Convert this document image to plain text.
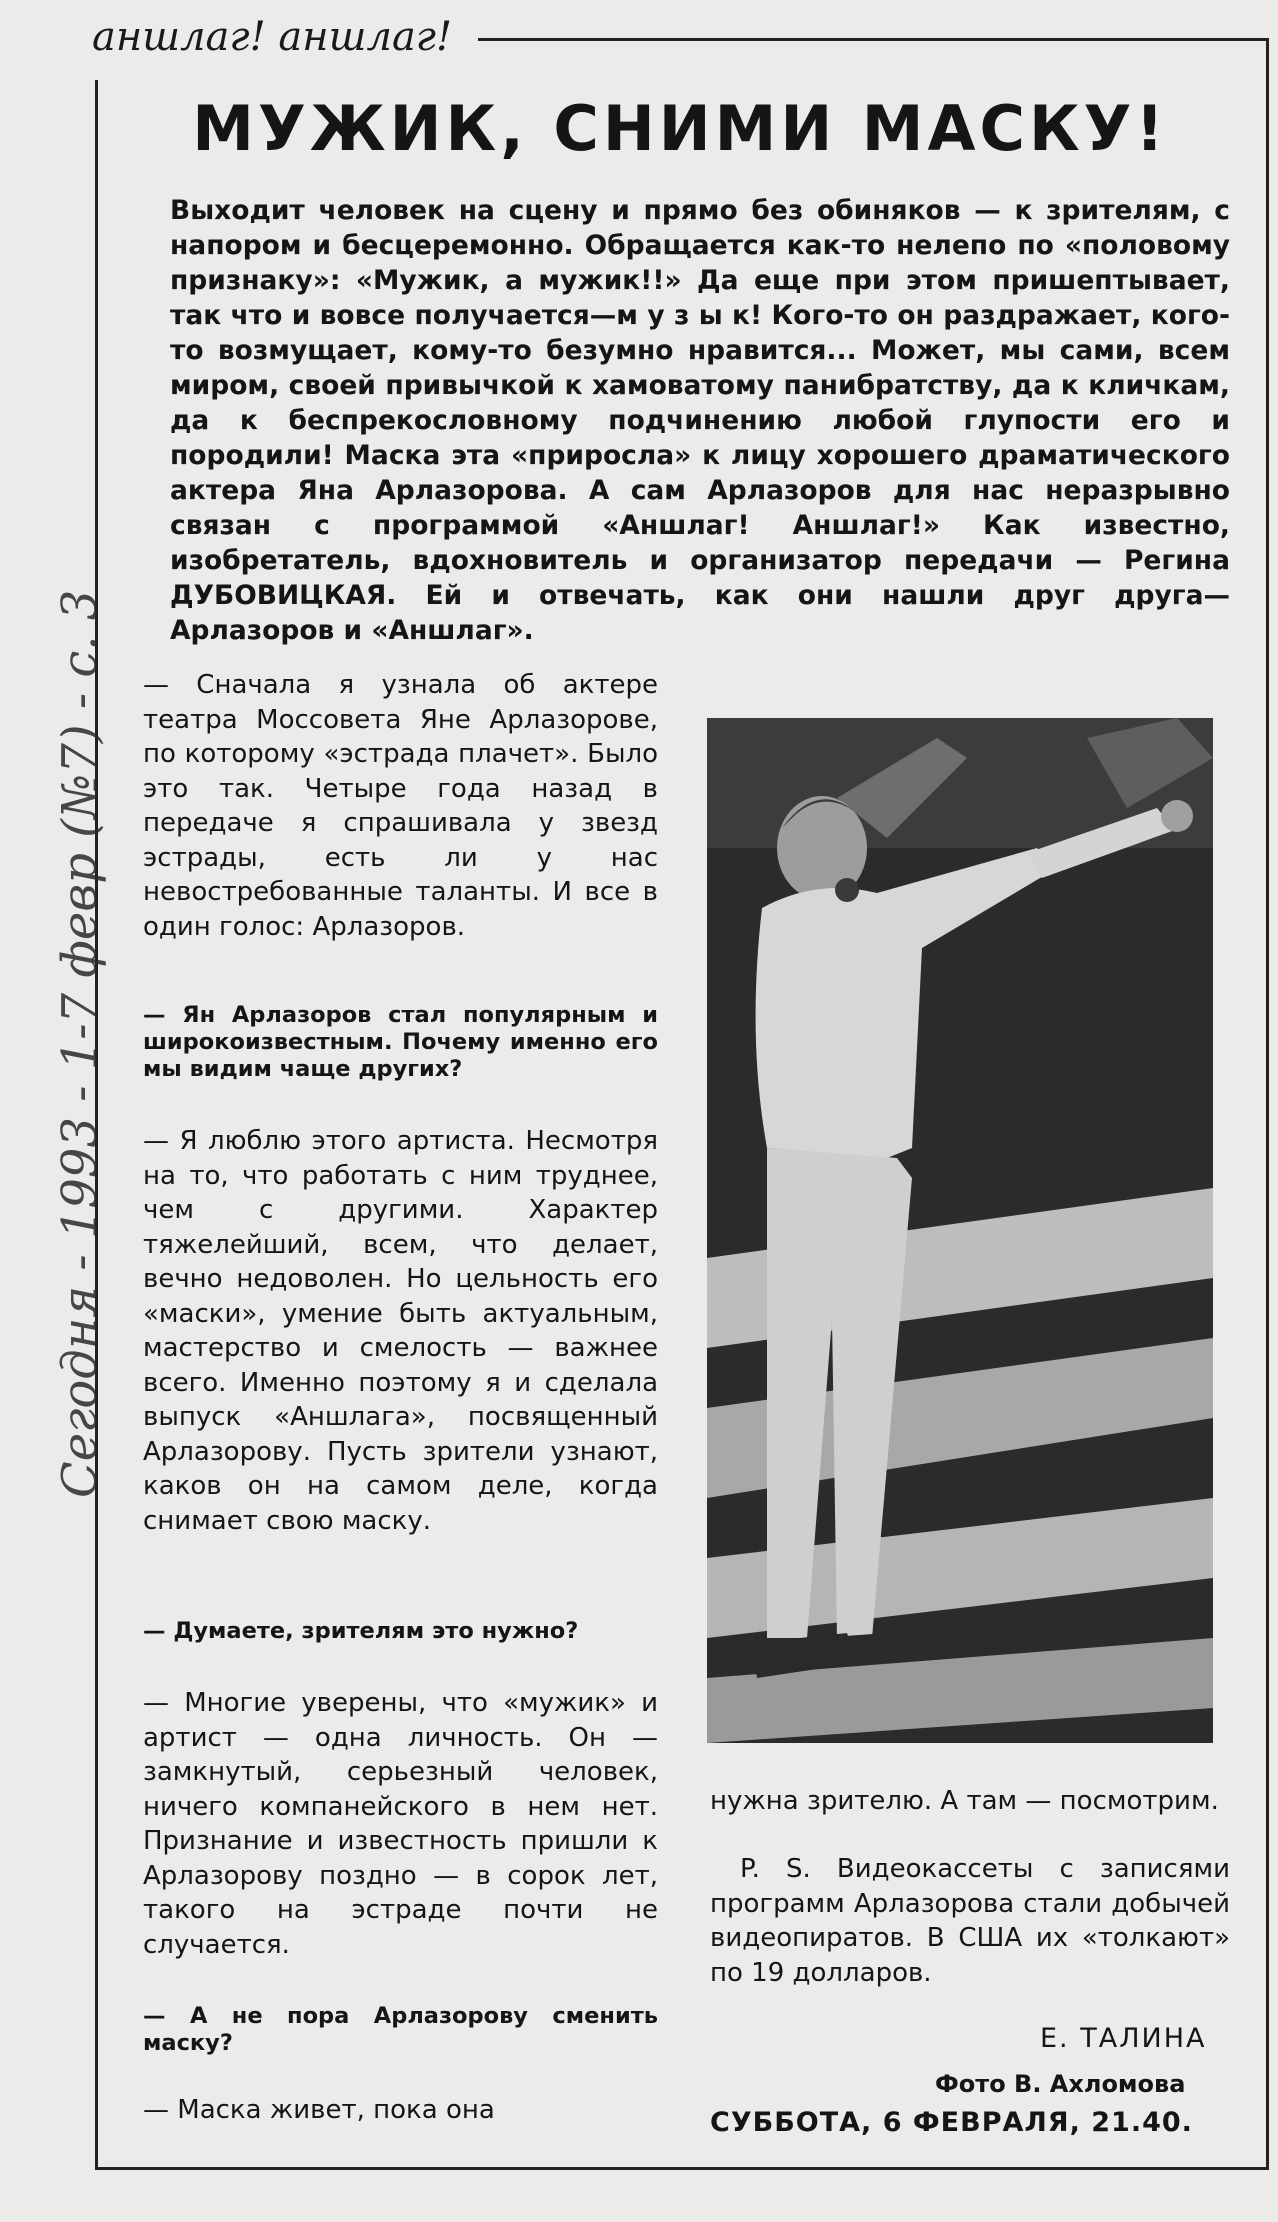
аншлаг! аншлаг!
МУЖИК, СНИМИ МАСКУ!

Выходит человек на сцену и прямо без обиняков — к зрителям, с напором и бесцеремонно. Обращается как-то нелепо по «половому признаку»: «Мужик, а мужик!!» Да еще при этом пришептывает, так что и вовсе получается—м у з ы к! Кого-то он раздражает, кого-то возмущает, кому-то безумно нравится... Может, мы сами, всем миром, своей привычкой к хамоватому панибратству, да к кличкам, да к беспрекословному подчинению любой глупости его и породили! Маска эта «приросла» к лицу хорошего драматического актера Яна Арлазорова. А сам Арлазоров для нас неразрывно связан с программой «Аншлаг! Аншлаг!» Как известно, изобретатель, вдохновитель и организатор передачи — Регина ДУБОВИЦКАЯ. Ей и отвечать, как они нашли друг друга—Арлазоров и «Аншлаг».

— Сначала я узнала об актере театра Моссовета Яне Арлазорове, по которому «эстрада плачет». Было это так. Четыре года назад в передаче я спрашивала у звезд эстрады, есть ли у нас невостребованные таланты. И все в один голос: Арлазоров.

— Ян Арлазоров стал популярным и широкоизвестным. Почему именно его мы видим чаще других?

— Я люблю этого артиста. Несмотря на то, что работать с ним труднее, чем с другими. Характер тяжелейший, всем, что делает, вечно недоволен. Но цельность его «маски», умение быть актуальным, мастерство и смелость — важнее всего. Именно поэтому я и сделала выпуск «Аншлага», посвященный Арлазорову. Пусть зрители узнают, каков он на самом деле, когда снимает свою маску.

— Думаете, зрителям это нужно?

— Многие уверены, что «мужик» и артист — одна личность. Он — замкнутый, серьезный человек, ничего компанейского в нем нет. Признание и известность пришли к Арлазорову поздно — в сорок лет, такого на эстраде почти не случается.

— А не пора Арлазорову сменить маску?

— Маска живет, пока она

нужна зрителю. А там — посмотрим.

P. S. Видеокассеты с записями программ Арлазорова стали добычей видеопиратов. В США их «толкают» по 19 долларов.

Е. ТАЛИНА
Фото В. Ахломова
СУББОТА, 6 ФЕВРАЛЯ, 21.40.
Сегодня - 1993 - 1-7 февр (№7) - с. 3
